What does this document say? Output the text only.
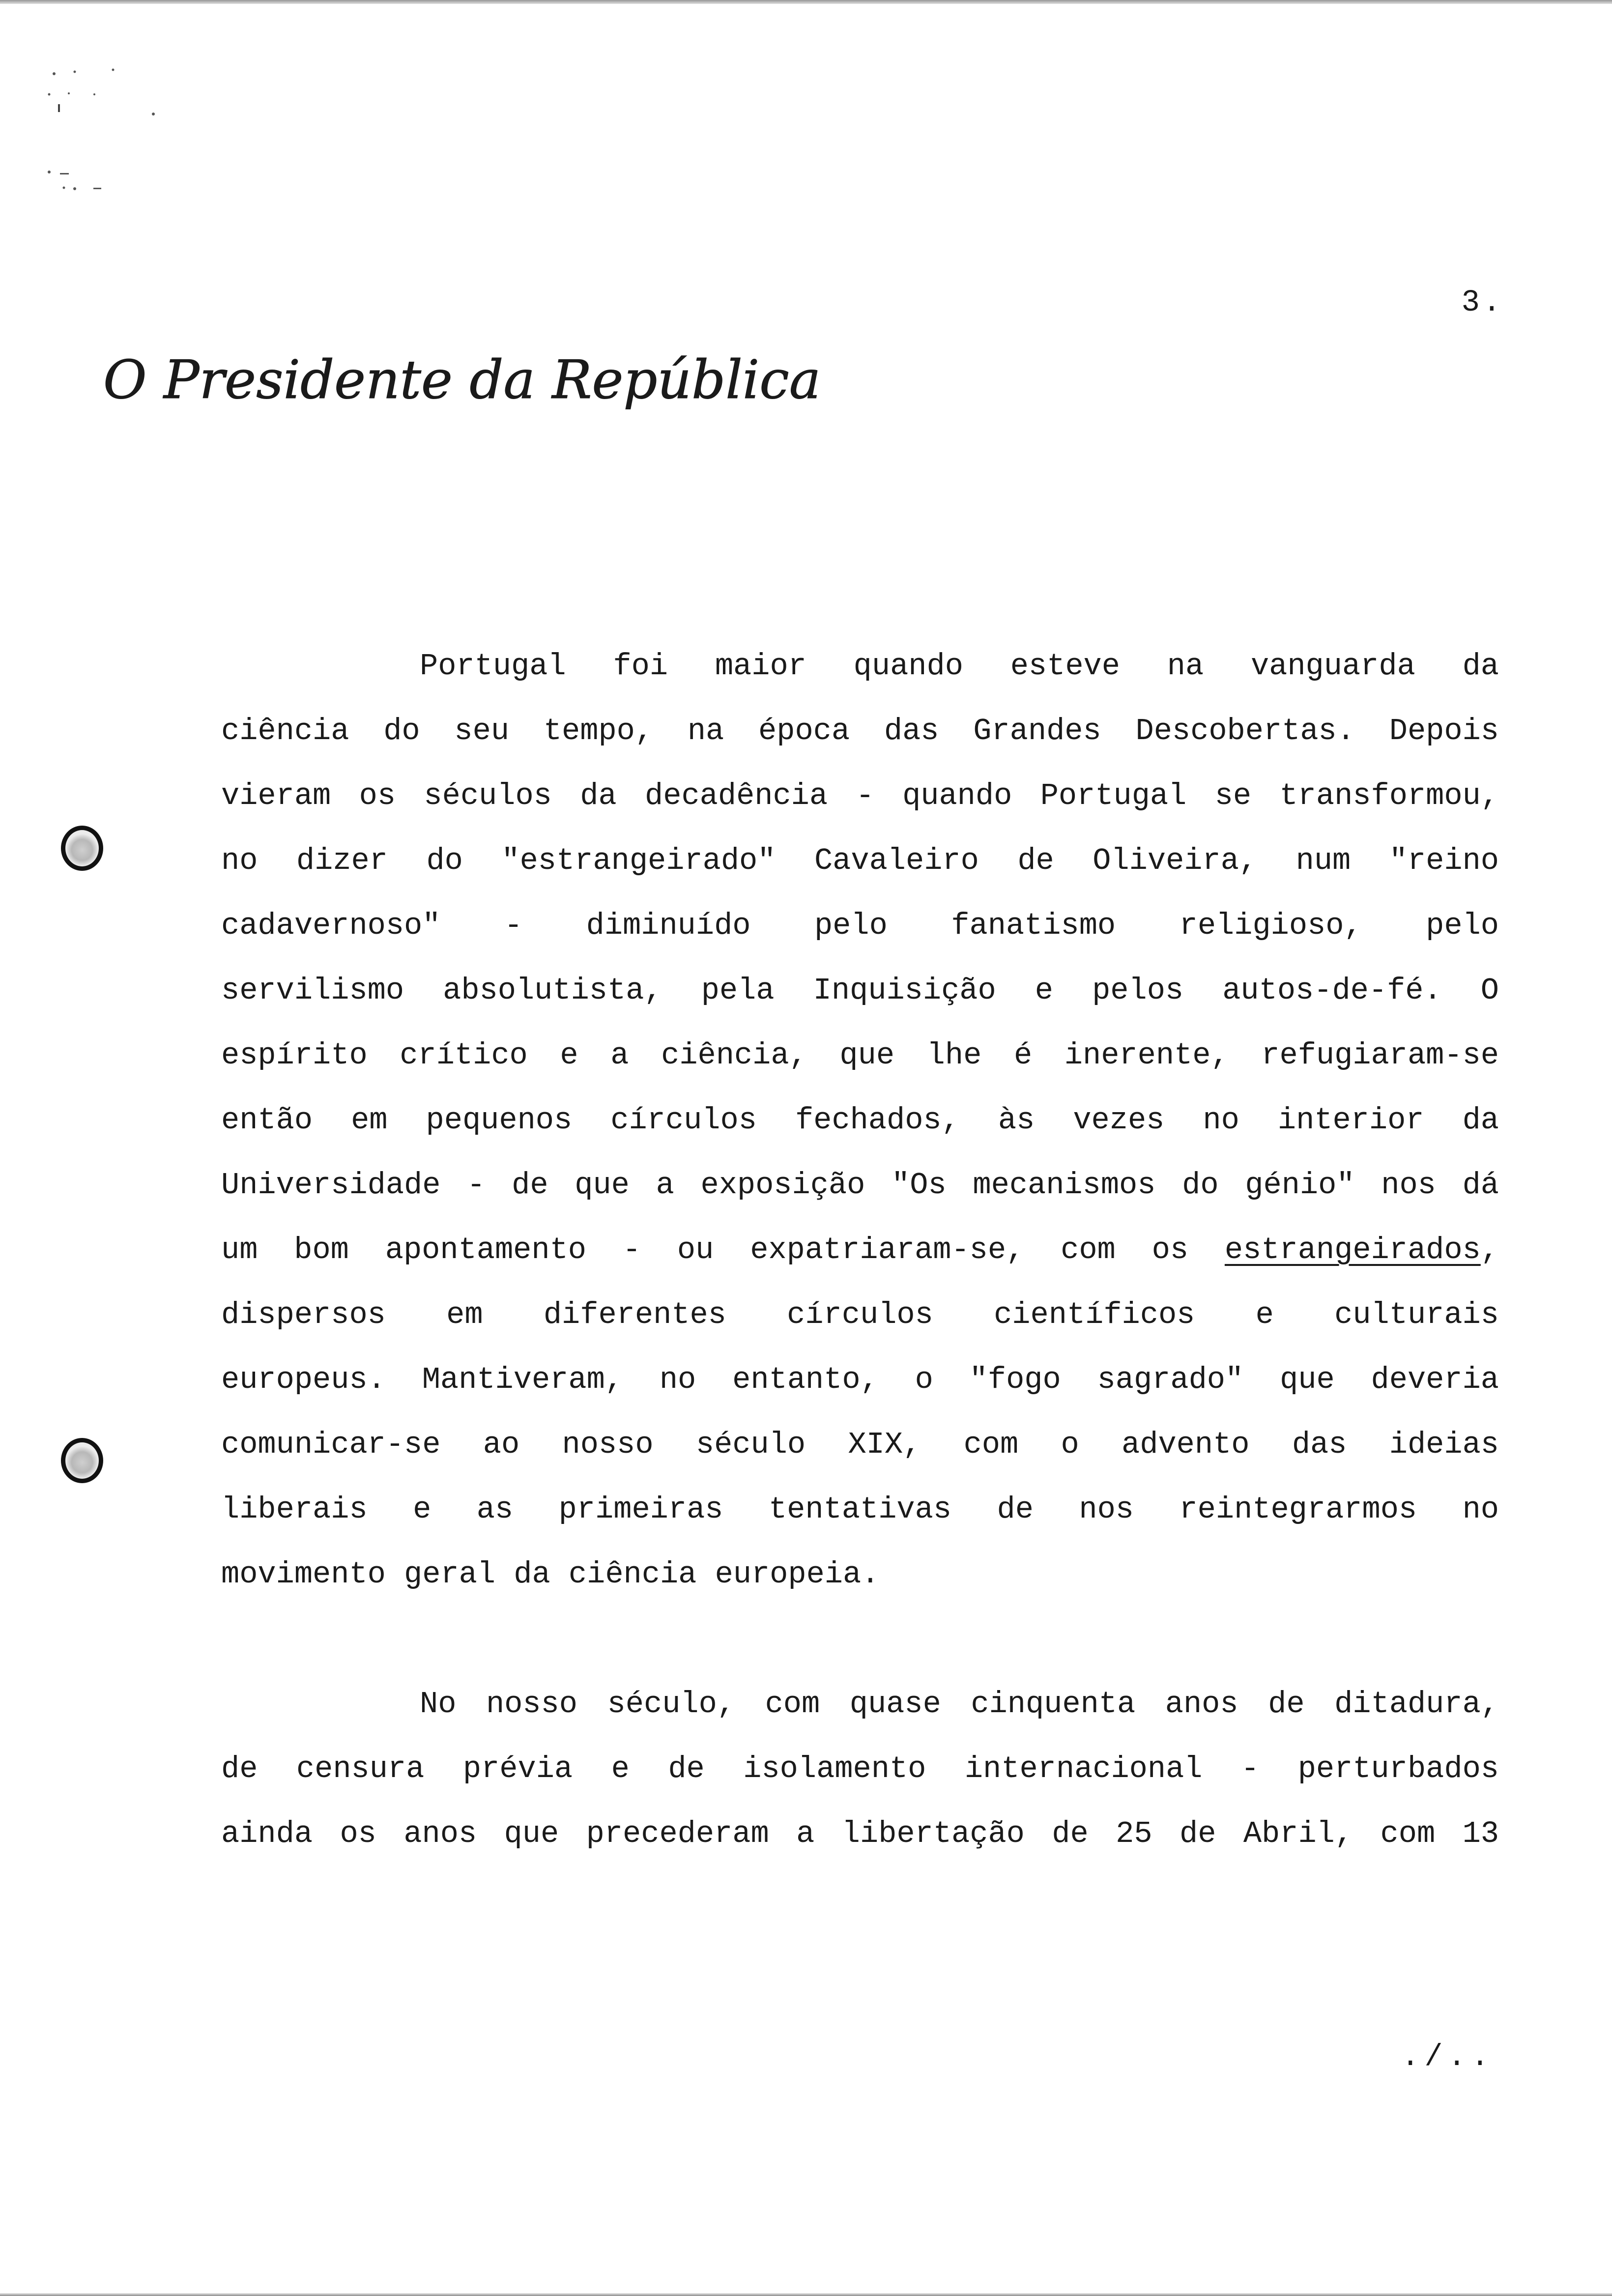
3.
O Presidente da República
Portugal foi maior quando esteve na vanguarda da
ciência do seu tempo, na época das Grandes Descobertas. Depois
vieram os séculos da decadência - quando Portugal se transformou,
no dizer do "estrangeirado" Cavaleiro de Oliveira, num "reino
cadavernoso" - diminuído pelo fanatismo religioso, pelo
servilismo absolutista, pela Inquisição e pelos autos-de-fé. O
espírito crítico e a ciência, que lhe é inerente, refugiaram-se
então em pequenos círculos fechados, às vezes no interior da
Universidade - de que a exposição "Os mecanismos do génio" nos dá
um bom apontamento - ou expatriaram-se, com os estrangeirados,
dispersos em diferentes círculos científicos e culturais
europeus. Mantiveram, no entanto, o "fogo sagrado" que deveria
comunicar-se ao nosso século XIX, com o advento das ideias
liberais e as primeiras tentativas de nos reintegrarmos no
movimento geral da ciência europeia.
No nosso século, com quase cinquenta anos de ditadura,
de censura prévia e de isolamento internacional - perturbados
ainda os anos que precederam a libertação de 25 de Abril, com 13
./..
